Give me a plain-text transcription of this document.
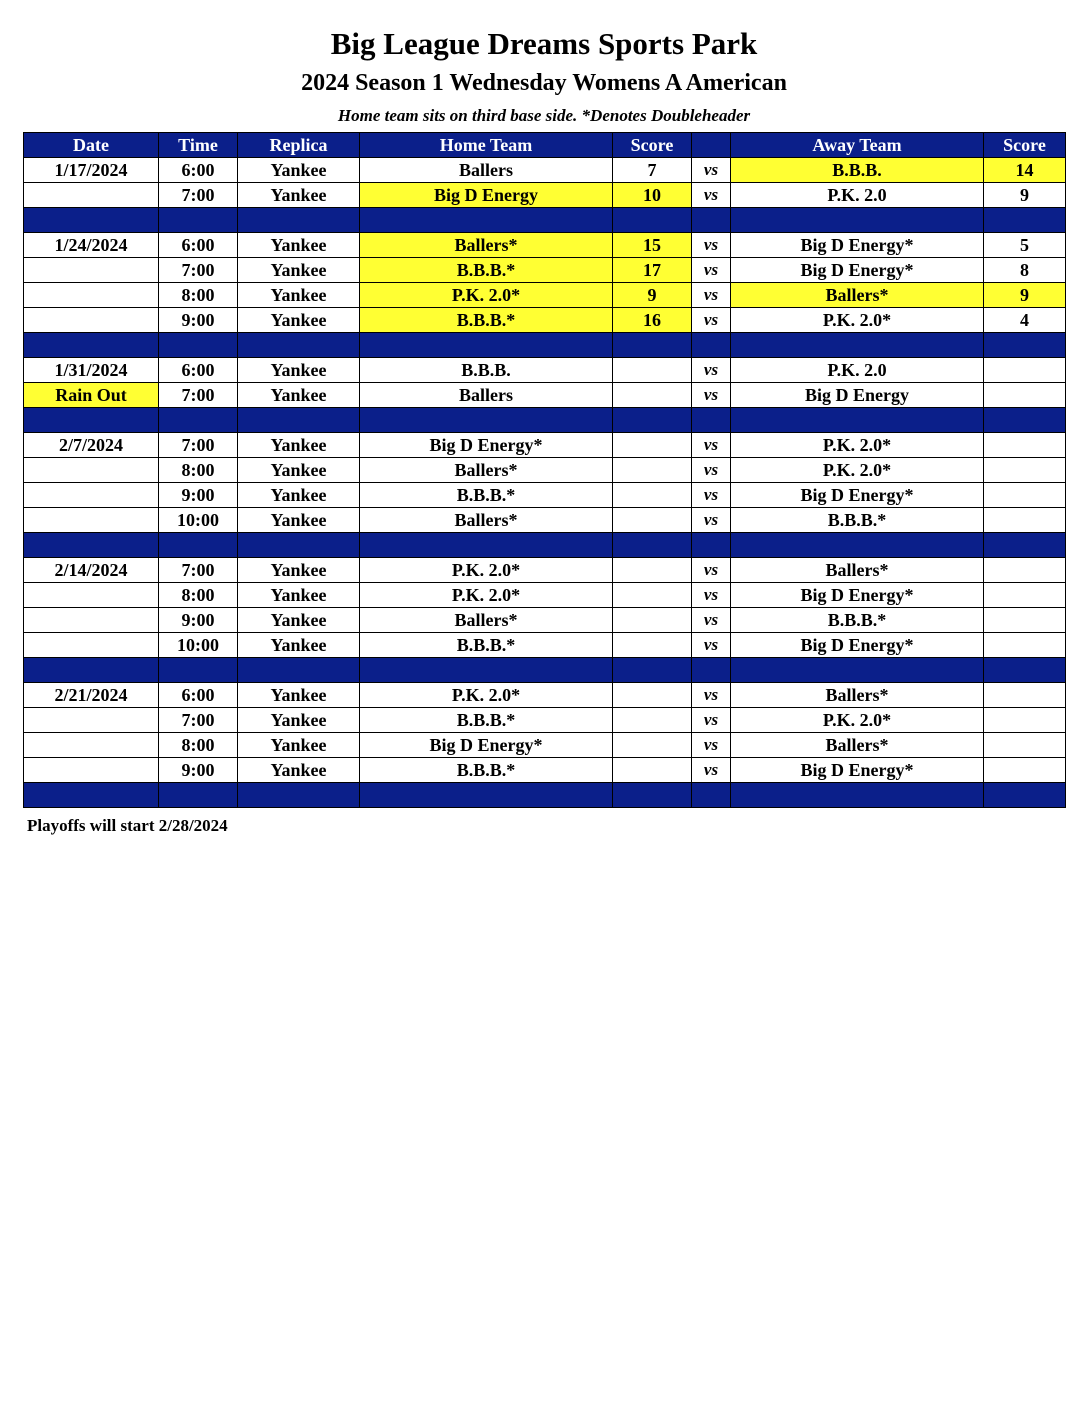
Big League Dreams Sports Park
2024 Season 1 Wednesday Womens A American
Home team sits on third base side. *Denotes Doubleheader
Date	Time	Replica	Home Team	Score		Away Team	Score
1/17/2024	6:00	Yankee	Ballers	7	vs	B.B.B.	14
	7:00	Yankee	Big D Energy	10	vs	P.K. 2.0	9

1/24/2024	6:00	Yankee	Ballers*	15	vs	Big D Energy*	5
	7:00	Yankee	B.B.B.*	17	vs	Big D Energy*	8
	8:00	Yankee	P.K. 2.0*	9	vs	Ballers*	9
	9:00	Yankee	B.B.B.*	16	vs	P.K. 2.0*	4

1/31/2024	6:00	Yankee	B.B.B.		vs	P.K. 2.0	
Rain Out	7:00	Yankee	Ballers		vs	Big D Energy	

2/7/2024	7:00	Yankee	Big D Energy*		vs	P.K. 2.0*	
	8:00	Yankee	Ballers*		vs	P.K. 2.0*	
	9:00	Yankee	B.B.B.*		vs	Big D Energy*	
	10:00	Yankee	Ballers*		vs	B.B.B.*	

2/14/2024	7:00	Yankee	P.K. 2.0*		vs	Ballers*	
	8:00	Yankee	P.K. 2.0*		vs	Big D Energy*	
	9:00	Yankee	Ballers*		vs	B.B.B.*	
	10:00	Yankee	B.B.B.*		vs	Big D Energy*	

2/21/2024	6:00	Yankee	P.K. 2.0*		vs	Ballers*	
	7:00	Yankee	B.B.B.*		vs	P.K. 2.0*	
	8:00	Yankee	Big D Energy*		vs	Ballers*	
	9:00	Yankee	B.B.B.*		vs	Big D Energy*	

Playoffs will start 2/28/2024
